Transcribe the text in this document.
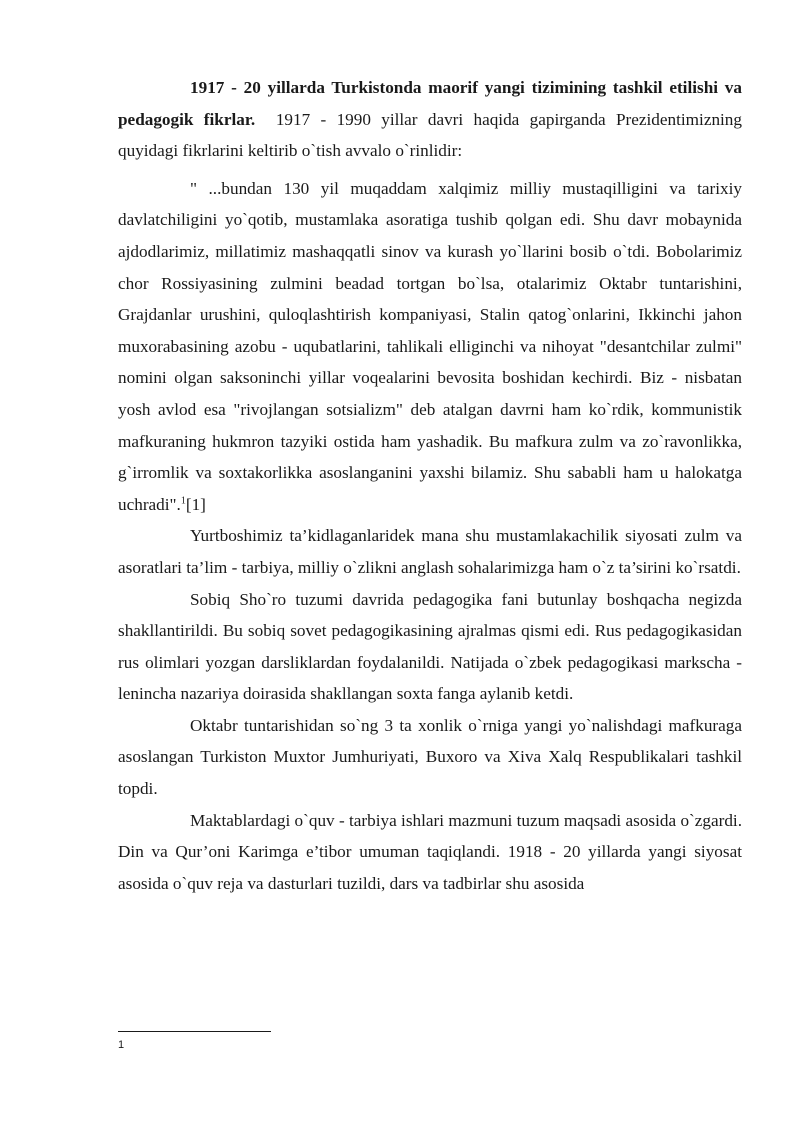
1917 - 20 yillarda Turkistonda maorif yangi tizimining tashkil etilishi va pedagogik fikrlar. 1917 - 1990 yillar davri haqida gapirganda Prezidentimizning quyidagi fikrlarini keltirib o`tish avvalo o`rinlidir:

" ...bundan 130 yil muqaddam xalqimiz milliy mustaqilligini va tarixiy davlatchiligini yo`qotib, mustamlaka asoratiga tushib qolgan edi. Shu davr mobaynida ajdodlarimiz, millatimiz mashaqqatli sinov va kurash yo`llarini bosib o`tdi. Bobolarimiz chor Rossiyasining zulmini beadad tortgan bo`lsa, otalarimiz Oktabr tuntarishini, Grajdanlar urushini, quloqlashtirish kompaniyasi, Stalin qatog`onlarini, Ikkinchi jahon muxorabasining azobu - uqubatlarini, tahlikali elliginchi va nihoyat "desantchilar zulmi" nomini olgan saksoninchi yillar voqealarini bevosita boshidan kechirdi. Biz - nisbatan yosh avlod esa "rivojlangan sotsializm" deb atalgan davrni ham ko`rdik, kommunistik mafkuraning hukmron tazyiki ostida ham yashadik. Bu mafkura zulm va zo`ravonlikka, g`irromlik va soxtakorlikka asoslanganini yaxshi bilamiz. Shu sababli ham u halokatga uchradi".$^1$[1]

Yurtboshimiz ta’kidlaganlaridek mana shu mustamlakachilik siyosati zulm va asoratlari ta’lim - tarbiya, milliy o`zlikni anglash sohalarimizga ham o`z ta’sirini ko`rsatdi.

Sobiq Sho`ro tuzumi davrida pedagogika fani butunlay boshqacha negizda shakllantirildi. Bu sobiq sovet pedagogikasining ajralmas qismi edi. Rus pedagogikasidan rus olimlari yozgan darsliklardan foydalanildi. Natijada o`zbek pedagogikasi markscha - lenincha nazariya doirasida shakllangan soxta fanga aylanib ketdi.

Oktabr tuntarishidan so`ng 3 ta xonlik o`rniga yangi yo`nalishdagi mafkuraga asoslangan Turkiston Muxtor Jumhuriyati, Buxoro va Xiva Xalq Respublikalari tashkil topdi.

Maktablardagi o`quv - tarbiya ishlari mazmuni tuzum maqsadi asosida o`zgardi. Din va Qur’oni Karimga e’tibor umuman taqiqlandi. 1918 - 20 yillarda yangi siyosat asosida o`quv reja va dasturlari tuzildi, dars va tadbirlar shu asosida

1
